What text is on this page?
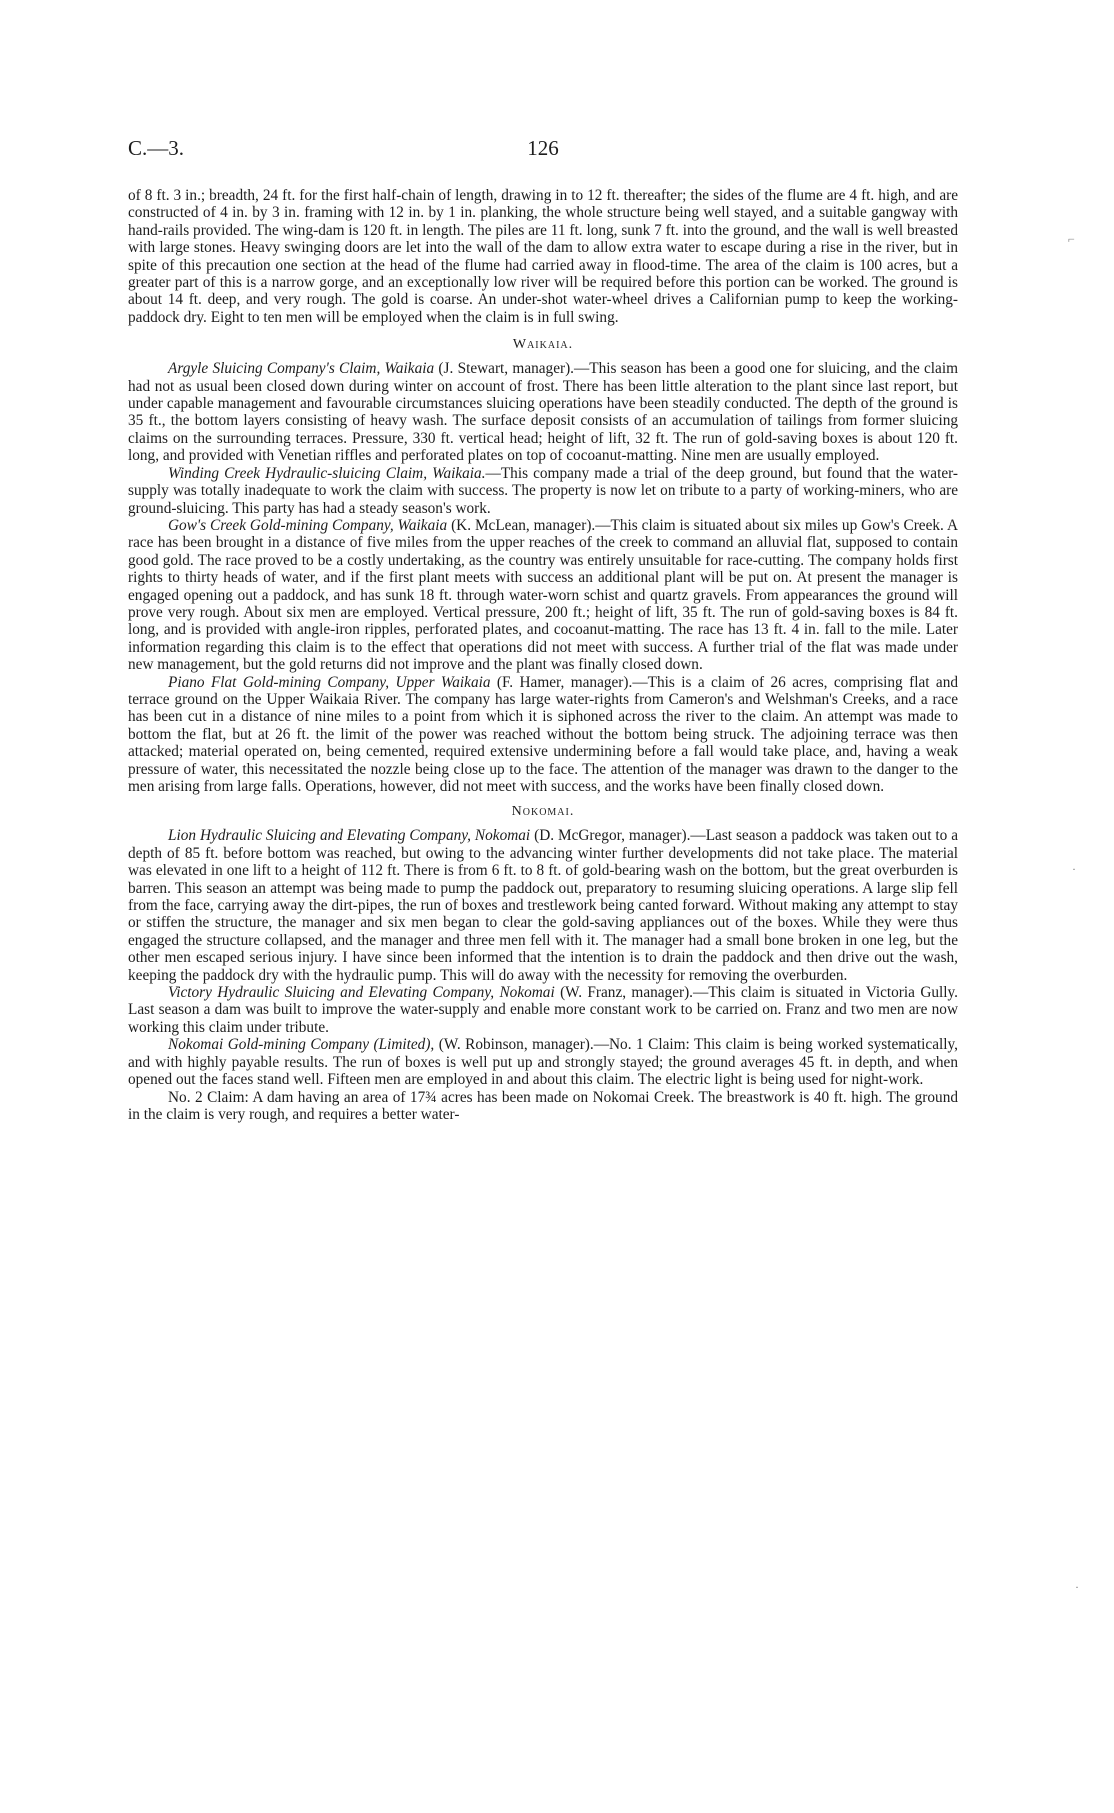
C.—3.	126

of 8 ft. 3 in.; breadth, 24 ft. for the first half-chain of length, drawing in to 12 ft. thereafter; the sides of the flume are 4 ft. high, and are constructed of 4 in. by 3 in. framing with 12 in. by 1 in. planking, the whole structure being well stayed, and a suitable gangway with hand-rails provided. The wing-dam is 120 ft. in length. The piles are 11 ft. long, sunk 7 ft. into the ground, and the wall is well breasted with large stones. Heavy swinging doors are let into the wall of the dam to allow extra water to escape during a rise in the river, but in spite of this precaution one section at the head of the flume had carried away in flood-time. The area of the claim is 100 acres, but a greater part of this is a narrow gorge, and an exceptionally low river will be required before this portion can be worked. The ground is about 14 ft. deep, and very rough. The gold is coarse. An under-shot water-wheel drives a Californian pump to keep the working-paddock dry. Eight to ten men will be employed when the claim is in full swing.

Waikaia.

Argyle Sluicing Company's Claim, Waikaia (J. Stewart, manager).—This season has been a good one for sluicing, and the claim had not as usual been closed down during winter on account of frost. There has been little alteration to the plant since last report, but under capable management and favourable circumstances sluicing operations have been steadily conducted. The depth of the ground is 35 ft., the bottom layers consisting of heavy wash. The surface deposit consists of an accumulation of tailings from former sluicing claims on the surrounding terraces. Pressure, 330 ft. vertical head; height of lift, 32 ft. The run of gold-saving boxes is about 120 ft. long, and provided with Venetian riffles and perforated plates on top of cocoanut-matting. Nine men are usually employed.

Winding Creek Hydraulic-sluicing Claim, Waikaia.—This company made a trial of the deep ground, but found that the water-supply was totally inadequate to work the claim with success. The property is now let on tribute to a party of working-miners, who are ground-sluicing. This party has had a steady season's work.

Gow's Creek Gold-mining Company, Waikaia (K. McLean, manager).—This claim is situated about six miles up Gow's Creek. A race has been brought in a distance of five miles from the upper reaches of the creek to command an alluvial flat, supposed to contain good gold. The race proved to be a costly undertaking, as the country was entirely unsuitable for race-cutting. The company holds first rights to thirty heads of water, and if the first plant meets with success an additional plant will be put on. At present the manager is engaged opening out a paddock, and has sunk 18 ft. through water-worn schist and quartz gravels. From appearances the ground will prove very rough. About six men are employed. Vertical pressure, 200 ft.; height of lift, 35 ft. The run of gold-saving boxes is 84 ft. long, and is provided with angle-iron ripples, perforated plates, and cocoanut-matting. The race has 13 ft. 4 in. fall to the mile. Later information regarding this claim is to the effect that operations did not meet with success. A further trial of the flat was made under new management, but the gold returns did not improve and the plant was finally closed down.

Piano Flat Gold-mining Company, Upper Waikaia (F. Hamer, manager).—This is a claim of 26 acres, comprising flat and terrace ground on the Upper Waikaia River. The company has large water-rights from Cameron's and Welshman's Creeks, and a race has been cut in a distance of nine miles to a point from which it is siphoned across the river to the claim. An attempt was made to bottom the flat, but at 26 ft. the limit of the power was reached without the bottom being struck. The adjoining terrace was then attacked; material operated on, being cemented, required extensive undermining before a fall would take place, and, having a weak pressure of water, this necessitated the nozzle being close up to the face. The attention of the manager was drawn to the danger to the men arising from large falls. Operations, however, did not meet with success, and the works have been finally closed down.

Nokomai.

Lion Hydraulic Sluicing and Elevating Company, Nokomai (D. McGregor, manager).—Last season a paddock was taken out to a depth of 85 ft. before bottom was reached, but owing to the advancing winter further developments did not take place. The material was elevated in one lift to a height of 112 ft. There is from 6 ft. to 8 ft. of gold-bearing wash on the bottom, but the great overburden is barren. This season an attempt was being made to pump the paddock out, preparatory to resuming sluicing operations. A large slip fell from the face, carrying away the dirt-pipes, the run of boxes and trestlework being canted forward. Without making any attempt to stay or stiffen the structure, the manager and six men began to clear the gold-saving appliances out of the boxes. While they were thus engaged the structure collapsed, and the manager and three men fell with it. The manager had a small bone broken in one leg, but the other men escaped serious injury. I have since been informed that the intention is to drain the paddock and then drive out the wash, keeping the paddock dry with the hydraulic pump. This will do away with the necessity for removing the overburden.

Victory Hydraulic Sluicing and Elevating Company, Nokomai (W. Franz, manager).—This claim is situated in Victoria Gully. Last season a dam was built to improve the water-supply and enable more constant work to be carried on. Franz and two men are now working this claim under tribute.

Nokomai Gold-mining Company (Limited), (W. Robinson, manager).—No. 1 Claim: This claim is being worked systematically, and with highly payable results. The run of boxes is well put up and strongly stayed; the ground averages 45 ft. in depth, and when opened out the faces stand well. Fifteen men are employed in and about this claim. The electric light is being used for night-work.

No. 2 Claim: A dam having an area of 17¾ acres has been made on Nokomai Creek. The breastwork is 40 ft. high. The ground in the claim is very rough, and requires a better water-

⌐
·
·
